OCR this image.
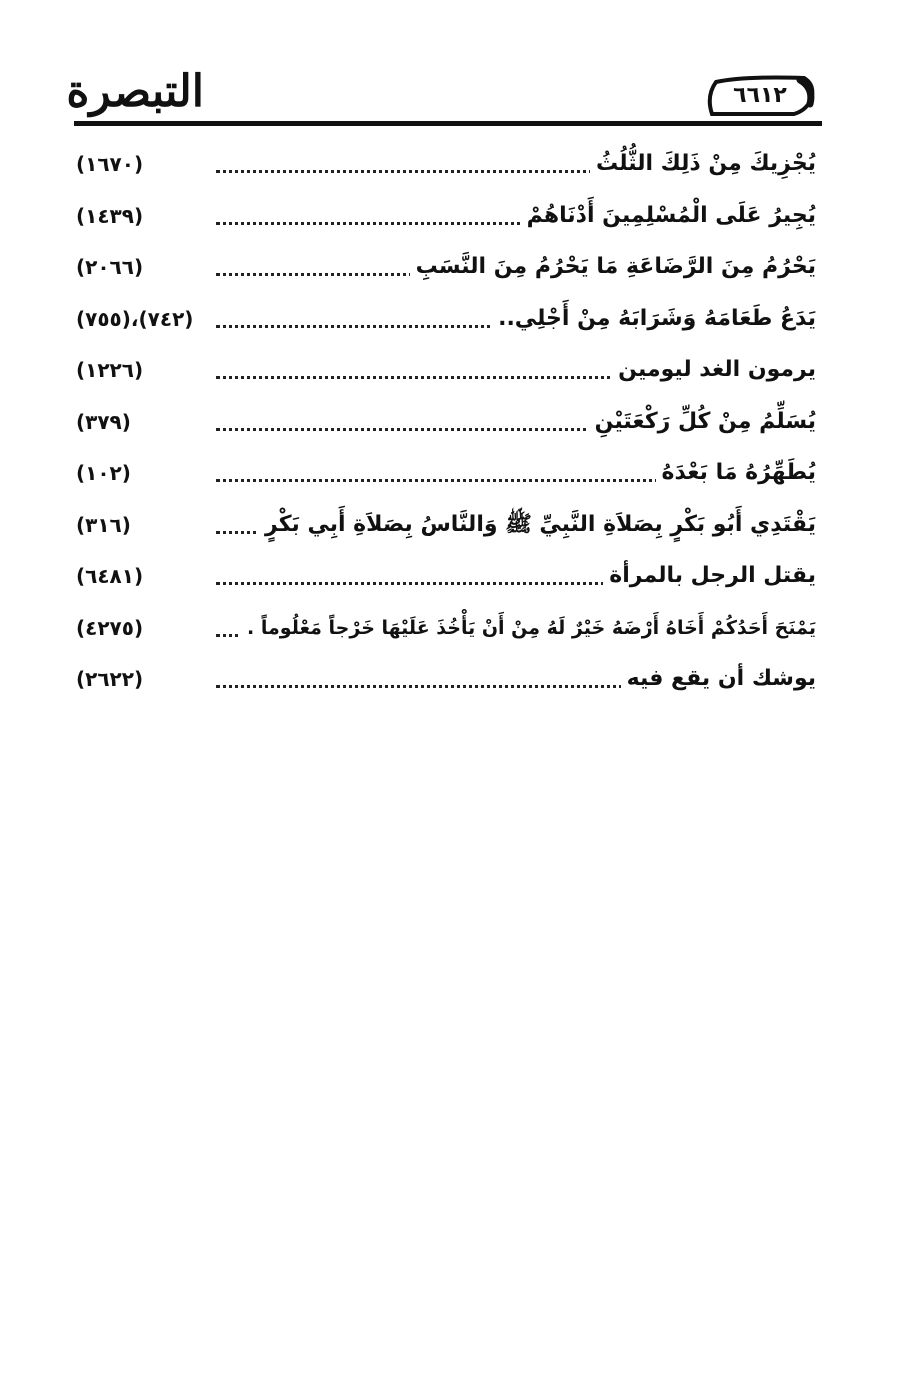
التبصرة	٦٦١٢
يُجْزِيكَ مِنْ ذَلِكَ الثُّلُثُ
(١٦٧٠)
يُجِيرُ عَلَى الْمُسْلِمِينَ أَدْنَاهُمْ
(١٤٣٩)
يَحْرُمُ مِنَ الرَّضَاعَةِ مَا يَحْرُمُ مِنَ النَّسَبِ
(٢٠٦٦)
يَدَعُ طَعَامَهُ وَشَرَابَهُ مِنْ أَجْلِي..
(٧٤٢)،(٧٥٥)
يرمون الغد ليومين
(١٢٢٦)
يُسَلِّمُ مِنْ كُلِّ رَكْعَتَيْنِ
(٣٧٩)
يُطَهِّرُهُ مَا بَعْدَهُ
(١٠٢)
يَقْتَدِي أَبُو بَكْرٍ بِصَلاَةِ النَّبِيِّ ﷺ وَالنَّاسُ بِصَلاَةِ أَبِي بَكْرٍ
(٣١٦)
يقتل الرجل بالمرأة
(٦٤٨١)
يَمْنَحَ أَحَدُكُمْ أَخَاهُ أَرْضَهُ خَيْرٌ لَهُ مِنْ أَنْ يَأْخُذَ عَلَيْهَا خَرْجاً مَعْلُوماً .
(٤٢٧٥)
يوشك أن يقع فيه
(٢٦٢٢)
